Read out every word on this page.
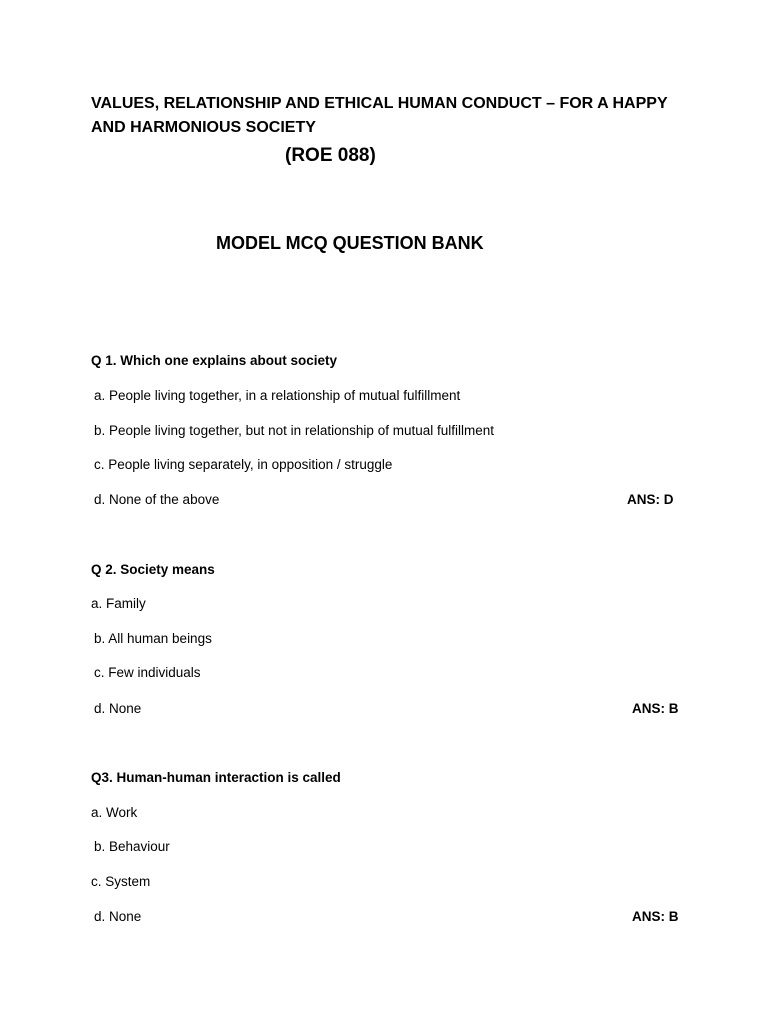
VALUES, RELATIONSHIP AND ETHICAL HUMAN CONDUCT – FOR A HAPPY
AND HARMONIOUS SOCIETY
(ROE 088)
MODEL MCQ QUESTION BANK
Q 1. Which one explains about society
a. People living together, in a relationship of mutual fulfillment
b. People living together, but not in relationship of mutual fulfillment
c. People living separately, in opposition / struggle
d. None of the above	ANS: D
Q 2. Society means
a. Family
b. All human beings
c. Few individuals
d. None	ANS: B
Q3. Human-human interaction is called
a. Work
b. Behaviour
c. System
d. None	ANS: B
